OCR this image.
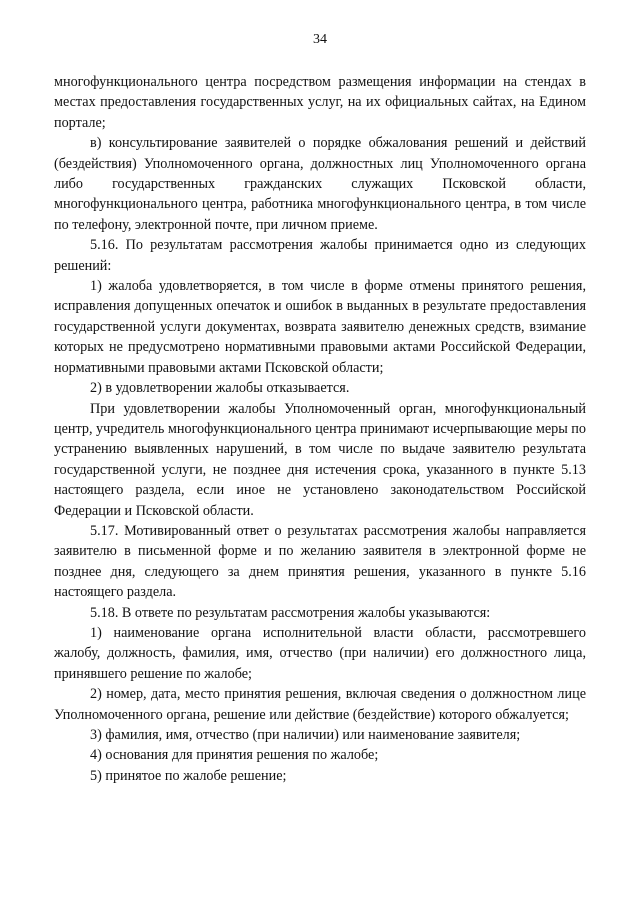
34

многофункционального центра посредством размещения информации на стендах в местах предоставления государственных услуг, на их официальных сайтах, на Едином портале;

в) консультирование заявителей о порядке обжалования решений и действий (бездействия) Уполномоченного органа, должностных лиц Уполномоченного органа либо государственных гражданских служащих Псковской области, многофункционального центра, работника многофункционального центра, в том числе по телефону, электронной почте, при личном приеме.

5.16. По результатам рассмотрения жалобы принимается одно из следующих решений:

1) жалоба удовлетворяется, в том числе в форме отмены принятого решения, исправления допущенных опечаток и ошибок в выданных в результате предоставления государственной услуги документах, возврата заявителю денежных средств, взимание которых не предусмотрено нормативными правовыми актами Российской Федерации, нормативными правовыми актами Псковской области;

2) в удовлетворении жалобы отказывается.

При удовлетворении жалобы Уполномоченный орган, многофункциональный центр, учредитель многофункционального центра принимают исчерпывающие меры по устранению выявленных нарушений, в том числе по выдаче заявителю результата государственной услуги, не позднее дня истечения срока, указанного в пункте 5.13 настоящего раздела, если иное не установлено законодательством Российской Федерации и Псковской области.

5.17. Мотивированный ответ о результатах рассмотрения жалобы направляется заявителю в письменной форме и по желанию заявителя в электронной форме не позднее дня, следующего за днем принятия решения, указанного в пункте 5.16 настоящего раздела.

5.18. В ответе по результатам рассмотрения жалобы указываются:

1) наименование органа исполнительной власти области, рассмотревшего жалобу, должность, фамилия, имя, отчество (при наличии) его должностного лица, принявшего решение по жалобе;

2) номер, дата, место принятия решения, включая сведения о должностном лице Уполномоченного органа, решение или действие (бездействие) которого обжалуется;

3) фамилия, имя, отчество (при наличии) или наименование заявителя;

4) основания для принятия решения по жалобе;

5) принятое по жалобе решение;
